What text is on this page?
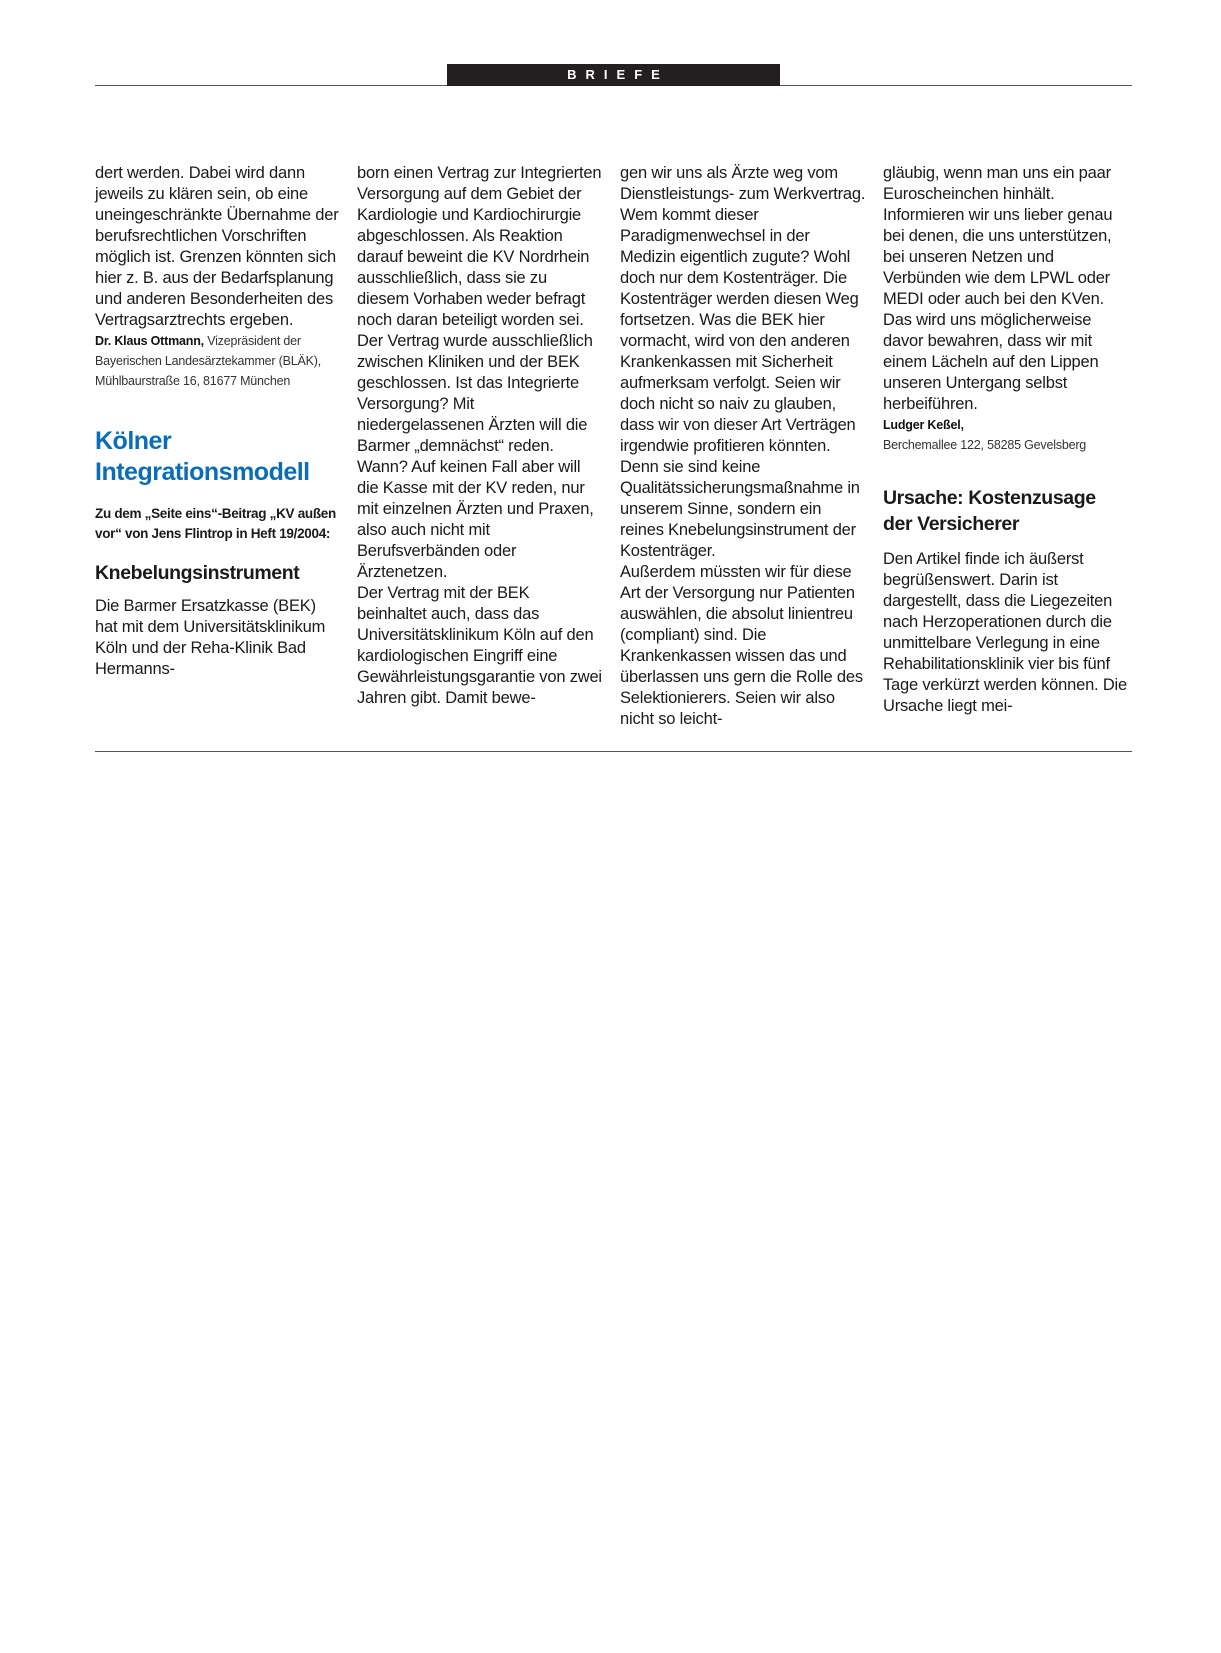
BRIEFE

dert werden. Dabei wird dann jeweils zu klären sein, ob eine uneingeschränkte Übernahme der berufsrechtlichen Vorschriften möglich ist. Grenzen könnten sich hier z. B. aus der Bedarfsplanung und anderen Besonderheiten des Vertragsarztrechts ergeben.

Dr. Klaus Ottmann, Vizepräsident der Bayerischen Landesärztekammer (BLÄK), Mühlbaurstraße 16, 81677 München

Kölner Integrationsmodell

Zu dem „Seite eins“-Beitrag „KV außen vor“ von Jens Flintrop in Heft 19/2004:

Knebelungsinstrument

Die Barmer Ersatzkasse (BEK) hat mit dem Universitätsklinikum Köln und der Reha-Klinik Bad Hermanns-

born einen Vertrag zur Integrierten Versorgung auf dem Gebiet der Kardiologie und Kardiochirurgie abgeschlossen. Als Reaktion darauf beweint die KV Nordrhein ausschließlich, dass sie zu diesem Vorhaben weder befragt noch daran beteiligt worden sei.

Der Vertrag wurde ausschließlich zwischen Kliniken und der BEK geschlossen. Ist das Integrierte Versorgung? Mit niedergelassenen Ärzten will die Barmer „demnächst“ reden. Wann? Auf keinen Fall aber will die Kasse mit der KV reden, nur mit einzelnen Ärzten und Praxen, also auch nicht mit Berufsverbänden oder Ärztenetzen.

Der Vertrag mit der BEK beinhaltet auch, dass das Universitätsklinikum Köln auf den kardiologischen Eingriff eine Gewährleistungsgarantie von zwei Jahren gibt. Damit bewe-

gen wir uns als Ärzte weg vom Dienstleistungs- zum Werkvertrag. Wem kommt dieser Paradigmenwechsel in der Medizin eigentlich zugute? Wohl doch nur dem Kostenträger. Die Kostenträger werden diesen Weg fortsetzen. Was die BEK hier vormacht, wird von den anderen Krankenkassen mit Sicherheit aufmerksam verfolgt. Seien wir doch nicht so naiv zu glauben, dass wir von dieser Art Verträgen irgendwie profitieren könnten. Denn sie sind keine Qualitätssicherungsmaßnahme in unserem Sinne, sondern ein reines Knebelungsinstrument der Kostenträger.

Außerdem müssten wir für diese Art der Versorgung nur Patienten auswählen, die absolut linientreu (compliant) sind. Die Krankenkassen wissen das und überlassen uns gern die Rolle des Selektionierers. Seien wir also nicht so leicht-

gläubig, wenn man uns ein paar Euroscheinchen hinhält. Informieren wir uns lieber genau bei denen, die uns unterstützen, bei unseren Netzen und Verbünden wie dem LPWL oder MEDI oder auch bei den KVen. Das wird uns möglicherweise davor bewahren, dass wir mit einem Lächeln auf den Lippen unseren Untergang selbst herbeiführen.

Ludger Keßel,
Berchemallee 122, 58285 Gevelsberg

Ursache: Kostenzusage der Versicherer

Den Artikel finde ich äußerst begrüßenswert. Darin ist dargestellt, dass die Liegezeiten nach Herzoperationen durch die unmittelbare Verlegung in eine Rehabilitationsklinik vier bis fünf Tage verkürzt werden können. Die Ursache liegt mei-
